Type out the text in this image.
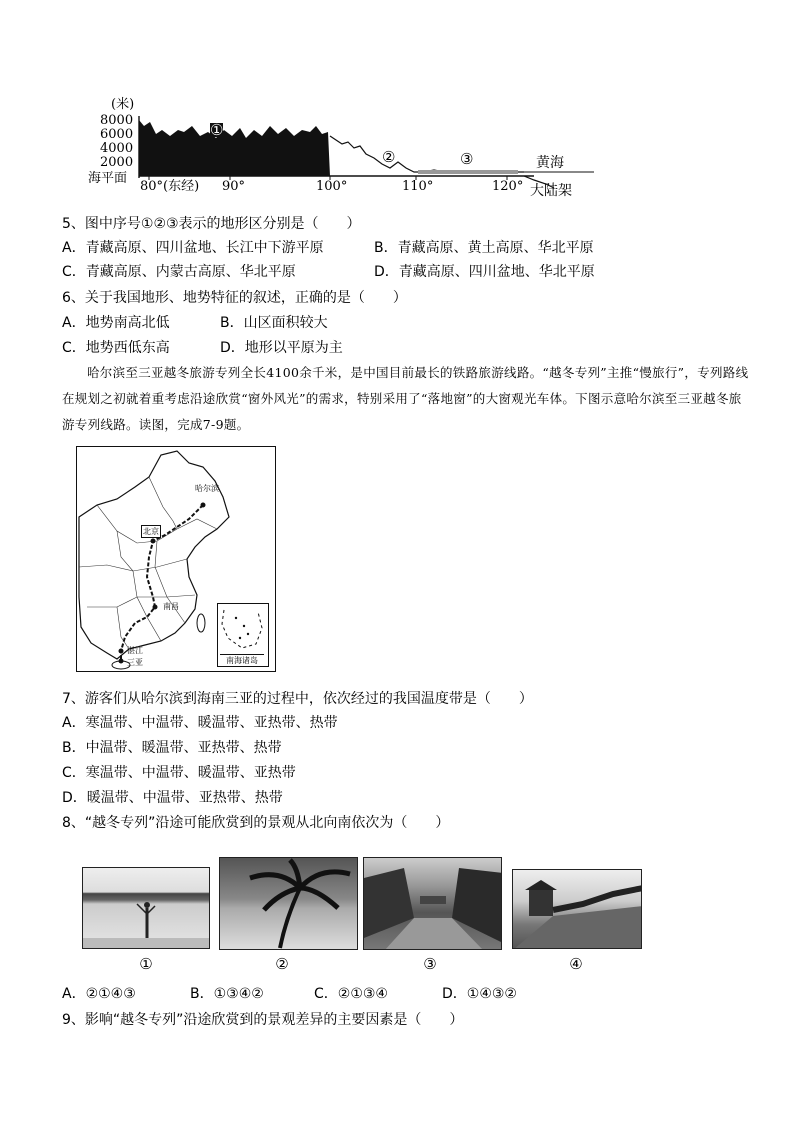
(米)
8000
6000
4000
2000
海平面
80°(东经) 90°	100°	110°	120°
①
②	③	黄海
大陆架
5、图中序号①②③表示的地形区分别是（　　）
A．青藏高原、四川盆地、长江中下游平原	B．青藏高原、黄土高原、华北平原
C．青藏高原、内蒙古高原、华北平原	D．青藏高原、四川盆地、华北平原
6、关于我国地形、地势特征的叙述，正确的是（　　）
A．地势南高北低	B．山区面积较大
C．地势西低东高	D．地形以平原为主

哈尔滨至三亚越冬旅游专列全长4100余千米，是中国目前最长的铁路旅游线路。“越冬专列”主推“慢旅行”，专列路线在规划之初就着重考虑沿途欣赏“窗外风光”的需求，特别采用了“落地窗”的大窗观光车体。下图示意哈尔滨至三亚越冬旅游专列线路。读图，完成7-9题。

哈尔滨
北京
南昌
湛江
三亚	南海诸岛
7、游客们从哈尔滨到海南三亚的过程中，依次经过的我国温度带是（　　）
A．寒温带、中温带、暖温带、亚热带、热带
B．中温带、暖温带、亚热带、热带
C．寒温带、中温带、暖温带、亚热带
D．暖温带、中温带、亚热带、热带
8、“越冬专列”沿途可能欣赏到的景观从北向南依次为（　　）
①	②	③	④
A．②①④③	B．①③④②	C．②①③④	D．①④③②
9、影响“越冬专列”沿途欣赏到的景观差异的主要因素是（　　）
